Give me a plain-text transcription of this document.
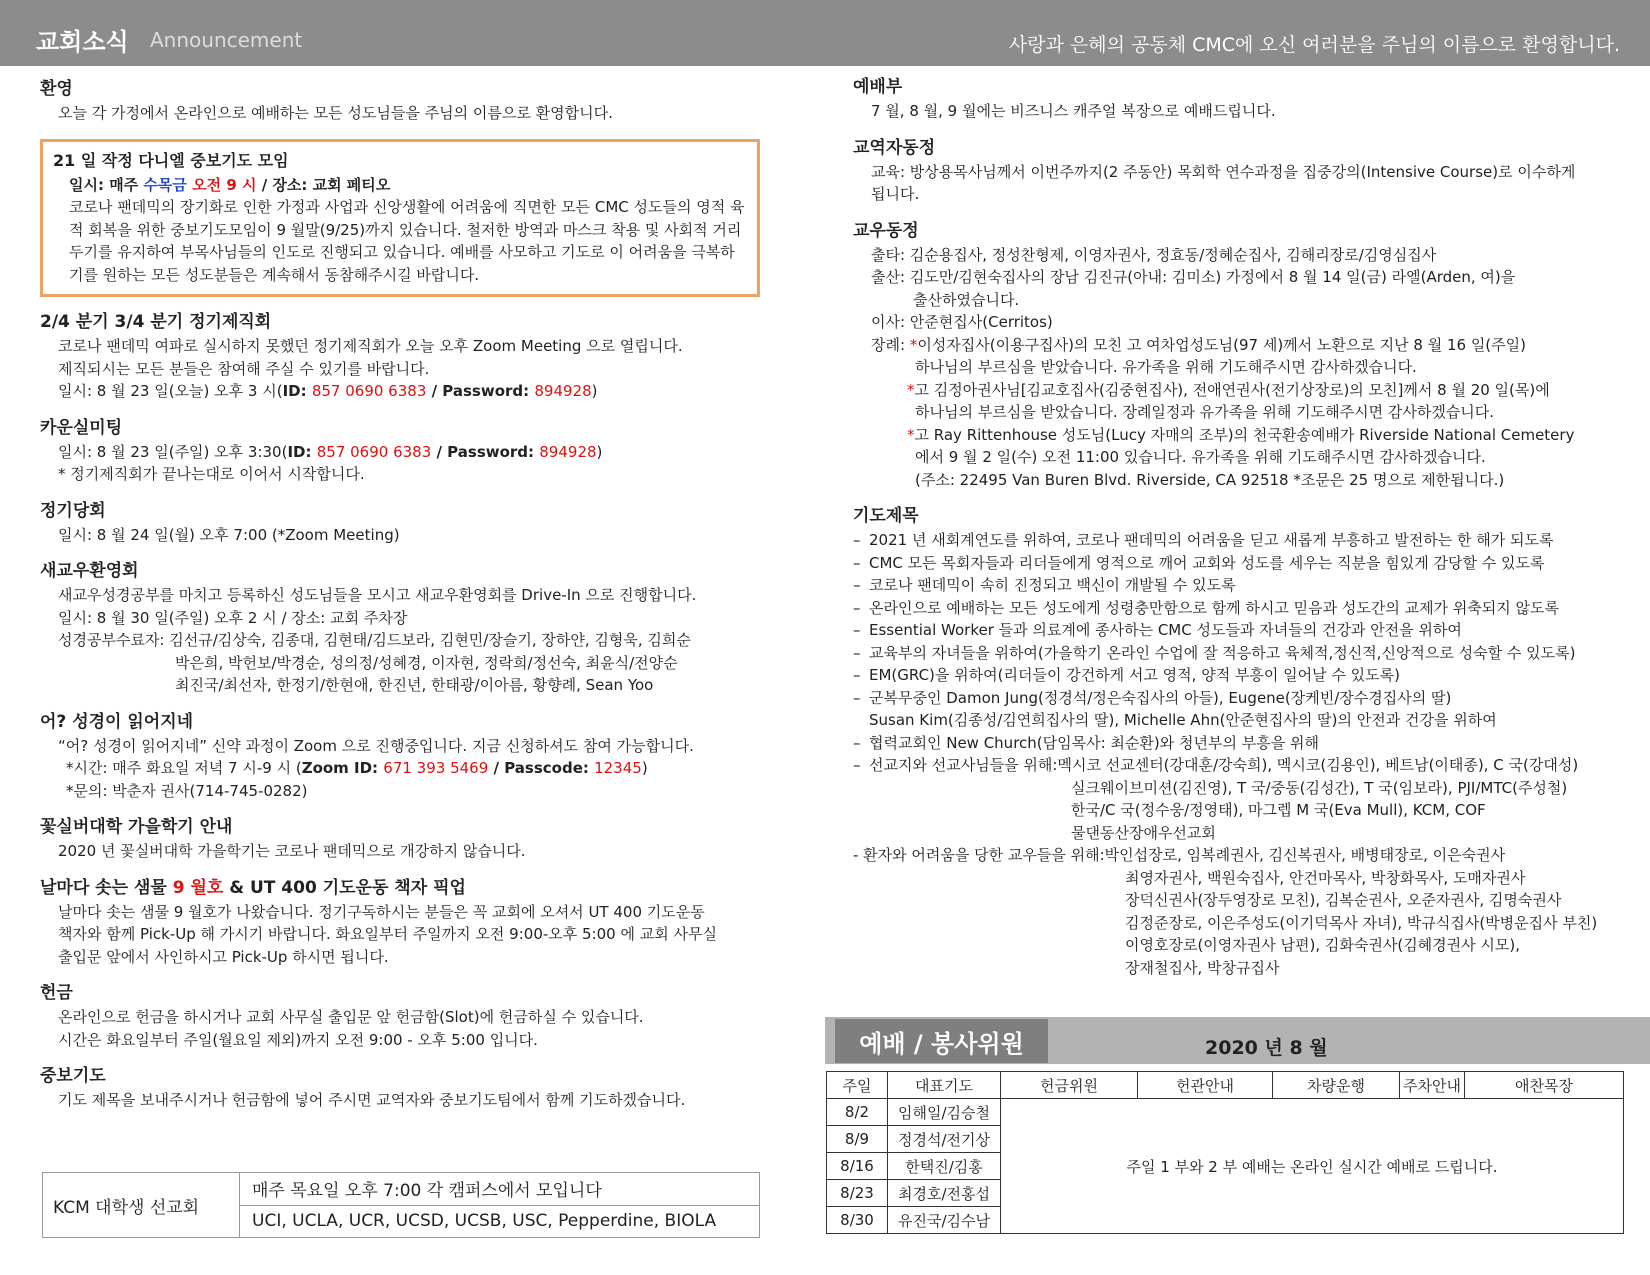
교회소식 Announcement	사랑과 은혜의 공동체 CMC에 오신 여러분을 주님의 이름으로 환영합니다.
환영
오늘 각 가정에서 온라인으로 예배하는 모든 성도님들을 주님의 이름으로 환영합니다.
21 일 작정 다니엘 중보기도 모임
일시: 매주 수목금 오전 9 시 / 장소: 교회 페티오
코로나 팬데믹의 장기화로 인한 가정과 사업과 신앙생활에 어려움에 직면한 모든 CMC 성도들의 영적 육적 회복을 위한 중보기도모임이 9 월말(9/25)까지 있습니다. 철저한 방역과 마스크 착용 및 사회적 거리두기를 유지하여 부목사님들의 인도로 진행되고 있습니다. 예배를 사모하고 기도로 이 어려움을 극복하기를 원하는 모든 성도분들은 계속해서 동참해주시길 바랍니다.
2/4 분기 3/4 분기 정기제직회
코로나 팬데믹 여파로 실시하지 못했던 정기제직회가 오늘 오후 Zoom Meeting 으로 열립니다.
제직되시는 모든 분들은 참여해 주실 수 있기를 바랍니다.
일시: 8 월 23 일(오늘) 오후 3 시(ID: 857 0690 6383 / Password: 894928)
카운실미팅
일시: 8 월 23 일(주일) 오후 3:30(ID: 857 0690 6383 / Password: 894928)
* 정기제직회가 끝나는대로 이어서 시작합니다.
정기당회
일시: 8 월 24 일(월) 오후 7:00 (*Zoom Meeting)
새교우환영회
새교우성경공부를 마치고 등록하신 성도님들을 모시고 새교우환영회를 Drive-In 으로 진행합니다.
일시: 8 월 30 일(주일) 오후 2 시 / 장소: 교회 주차장
성경공부수료자: 김선규/김상숙, 김종대, 김현태/김드보라, 김현민/장슬기, 장하얀, 김형욱, 김희순
박은희, 박헌보/박경순, 성의정/성혜경, 이자현, 정락희/정선숙, 최윤식/전양순
최진국/최선자, 한정기/한현애, 한진년, 한태광/이아름, 황향례, Sean Yoo
어? 성경이 읽어지네
“어? 성경이 읽어지네” 신약 과정이 Zoom 으로 진행중입니다. 지금 신청하셔도 참여 가능합니다.
*시간: 매주 화요일 저녁 7 시-9 시 (Zoom ID: 671 393 5469 / Passcode: 12345)
*문의: 박춘자 권사(714-745-0282)
꽃실버대학 가을학기 안내
2020 년 꽃실버대학 가을학기는 코로나 팬데믹으로 개강하지 않습니다.
날마다 솟는 샘물 9 월호 & UT 400 기도운동 책자 픽업
날마다 솟는 샘물 9 월호가 나왔습니다. 정기구독하시는 분들은 꼭 교회에 오셔서 UT 400 기도운동
책자와 함께 Pick-Up 해 가시기 바랍니다. 화요일부터 주일까지 오전 9:00-오후 5:00 에 교회 사무실
출입문 앞에서 사인하시고 Pick-Up 하시면 됩니다.
헌금
온라인으로 헌금을 하시거나 교회 사무실 출입문 앞 헌금함(Slot)에 헌금하실 수 있습니다.
시간은 화요일부터 주일(월요일 제외)까지 오전 9:00 - 오후 5:00 입니다.
중보기도
기도 제목을 보내주시거나 헌금함에 넣어 주시면 교역자와 중보기도팀에서 함께 기도하겠습니다.
KCM 대학생 선교회
매주 목요일 오후 7:00 각 캠퍼스에서 모입니다
UCI, UCLA, UCR, UCSD, UCSB, USC, Pepperdine, BIOLA
예배부
7 월, 8 월, 9 월에는 비즈니스 캐주얼 복장으로 예배드립니다.
교역자동정
교육: 방상용목사님께서 이번주까지(2 주동안) 목회학 연수과정을 집중강의(Intensive Course)로 이수하게
됩니다.
교우동정
출타: 김순용집사, 정성찬형제, 이영자권사, 정효동/정혜순집사, 김해리장로/김영심집사
출산: 김도만/김현숙집사의 장남 김진규(아내: 김미소) 가정에서 8 월 14 일(금) 라엘(Arden, 여)을
출산하였습니다.
이사: 안준현집사(Cerritos)
장례: *이성자집사(이용구집사)의 모친 고 여차업성도님(97 세)께서 노환으로 지난 8 월 16 일(주일)
하나님의 부르심을 받았습니다. 유가족을 위해 기도해주시면 감사하겠습니다.
*고 김정아권사님[김교호집사(김중현집사), 전애연권사(전기상장로)의 모친]께서 8 월 20 일(목)에
하나님의 부르심을 받았습니다. 장례일정과 유가족을 위해 기도해주시면 감사하겠습니다.
*고 Ray Rittenhouse 성도님(Lucy 자매의 조부)의 천국환송예배가 Riverside National Cemetery
에서 9 월 2 일(수) 오전 11:00 있습니다. 유가족을 위해 기도해주시면 감사하겠습니다.
(주소: 22495 Van Buren Blvd. Riverside, CA 92518 *조문은 25 명으로 제한됩니다.)
기도제목
– 2021 년 새회계연도를 위하여, 코로나 팬데믹의 어려움을 딛고 새롭게 부흥하고 발전하는 한 해가 되도록
– CMC 모든 목회자들과 리더들에게 영적으로 깨어 교회와 성도를 세우는 직분을 힘있게 감당할 수 있도록
– 코로나 팬데믹이 속히 진정되고 백신이 개발될 수 있도록
– 온라인으로 예배하는 모든 성도에게 성령충만함으로 함께 하시고 믿음과 성도간의 교제가 위축되지 않도록
– Essential Worker 들과 의료계에 종사하는 CMC 성도들과 자녀들의 건강과 안전을 위하여
– 교육부의 자녀들을 위하여(가을학기 온라인 수업에 잘 적응하고 육체적,정신적,신앙적으로 성숙할 수 있도록)
– EM(GRC)을 위하여(리더들이 강건하게 서고 영적, 양적 부흥이 일어날 수 있도록)
– 군복무중인 Damon Jung(정경석/정은숙집사의 아들), Eugene(장케빈/장수경집사의 딸)
Susan Kim(김종성/김연희집사의 딸), Michelle Ahn(안준현집사의 딸)의 안전과 건강을 위하여
– 협력교회인 New Church(담임목사: 최순환)와 청년부의 부흥을 위해
– 선교지와 선교사님들을 위해: 멕시코 선교센터(강대훈/강숙희), 멕시코(김용인), 베트남(이태종), C 국(강대성)
실크웨이브미션(김진영), T 국/중동(김성간), T 국(임보라), PJI/MTC(주성철)
한국/C 국(정수웅/정영태), 마그렙 M 국(Eva Mull), KCM, COF
물댄동산장애우선교회
- 환자와 어려움을 당한 교우들을 위해: 박인섭장로, 임복례권사, 김신복권사, 배병태장로, 이은숙권사
최영자권사, 백원숙집사, 안건마목사, 박창화목사, 도매자권사
장덕신권사(장두영장로 모친), 김복순권사, 오준자권사, 김명숙권사
김정준장로, 이은주성도(이기덕목사 자녀), 박규식집사(박병운집사 부친)
이영호장로(이영자권사 남편), 김화숙권사(김혜경권사 시모),
장재철집사, 박창규집사
예배 / 봉사위원	2020 년 8 월
주일	대표기도	헌금위원	헌관안내	차량운행	주차안내	애찬목장
8/2	임해일/김승철	주일 1 부와 2 부 예배는 온라인 실시간 예배로 드립니다.				
8/9	정경석/전기상					
8/16	한택진/김홍					
8/23	최경호/전홍섭					
8/30	유진국/김수남					
